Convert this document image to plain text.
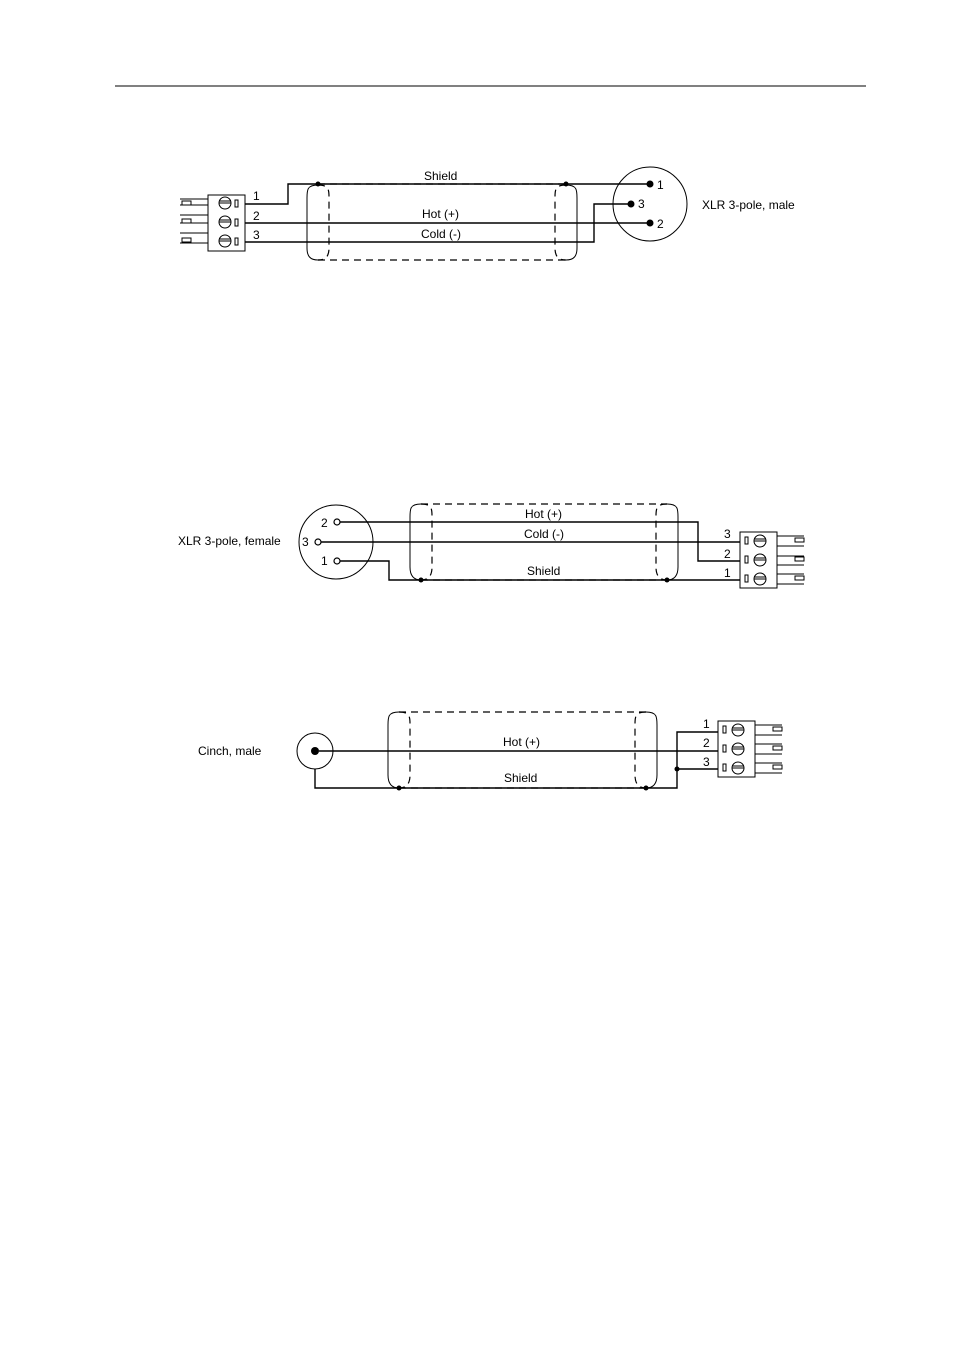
1
2
3
Shield
Hot (+)
Cold (-)
1
3
2
XLR 3-pole, male
2
3
1
XLR 3-pole, female
Hot (+)
Cold (-)
Shield
3
2
1
Cinch, male
Hot (+)
Shield
1
2
3
